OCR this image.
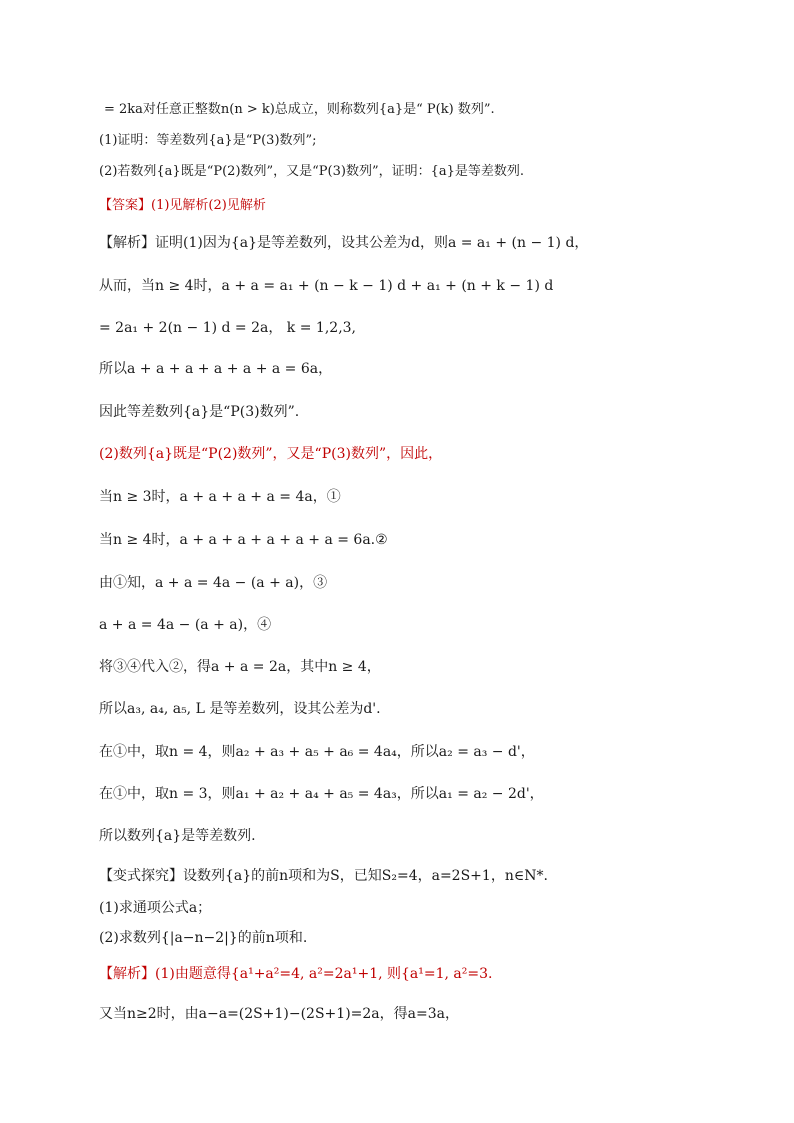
= 2ka对任意正整数n(n > k)总成立，则称数列{a}是“ P(k) 数列”.
(1)证明：等差数列{a}是“P(3)数列”;
(2)若数列{a}既是“P(2)数列”，又是“P(3)数列”，证明：{a}是等差数列.
【答案】(1)见解析(2)见解析
【解析】证明(1)因为{a}是等差数列，设其公差为d，则a = a₁ + (n − 1) d，
从而，当n ≥ 4时，a + a = a₁ + (n − k − 1) d + a₁ + (n + k − 1) d
= 2a₁ + 2(n − 1) d = 2a， k = 1,2,3,
所以a + a + a + a + a + a = 6a，
因此等差数列{a}是“P(3)数列”.
(2)数列{a}既是“P(2)数列”，又是“P(3)数列”，因此，
当n ≥ 3时，a + a + a + a = 4a，①
当n ≥ 4时，a + a + a + a + a + a = 6a.②
由①知，a + a = 4a − (a + a)，③
a + a = 4a − (a + a)，④
将③④代入②，得a + a = 2a，其中n ≥ 4，
所以a₃, a₄, a₅, L 是等差数列，设其公差为d'.
在①中，取n = 4，则a₂ + a₃ + a₅ + a₆ = 4a₄，所以a₂ = a₃ − d'，
在①中，取n = 3，则a₁ + a₂ + a₄ + a₅ = 4a₃，所以a₁ = a₂ − 2d'，
所以数列{a}是等差数列.
【变式探究】设数列{a}的前n项和为S，已知S₂=4，a=2S+1，n∈N*.
(1)求通项公式a；
(2)求数列{|a−n−2|}的前n项和.
【解析】(1)由题意得{a¹+a²=4, a²=2a¹+1, 则{a¹=1, a²=3.
又当n≥2时，由a−a=(2S+1)−(2S+1)=2a，得a=3a，
